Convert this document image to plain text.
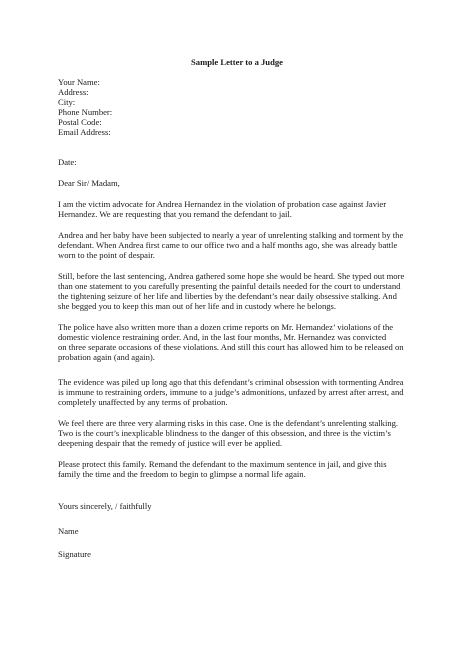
Sample Letter to a Judge
Your Name:
Address:
City:
Phone Number:
Postal Code:
Email Address:
Date:
Dear Sir/ Madam,
I am the victim advocate for Andrea Hernandez in the violation of probation case against Javier
Hernandez. We are requesting that you remand the defendant to jail.
Andrea and her baby have been subjected to nearly a year of unrelenting stalking and torment by the
defendant. When Andrea first came to our office two and a half months ago, she was already battle
worn to the point of despair.
Still, before the last sentencing, Andrea gathered some hope she would be heard. She typed out more
than one statement to you carefully presenting the painful details needed for the court to understand
the tightening seizure of her life and liberties by the defendant’s near daily obsessive stalking. And
she begged you to keep this man out of her life and in custody where he belongs.
The police have also written more than a dozen crime reports on Mr. Hernandez’ violations of the
domestic violence restraining order. And, in the last four months, Mr. Hernandez was convicted
on three separate occasions of these violations. And still this court has allowed him to be released on
probation again (and again).
The evidence was piled up long ago that this defendant’s criminal obsession with tormenting Andrea
is immune to restraining orders, immune to a judge’s admonitions, unfazed by arrest after arrest, and
completely unaffected by any terms of probation.
We feel there are three very alarming risks in this case. One is the defendant’s unrelenting stalking.
Two is the court’s inexplicable blindness to the danger of this obsession, and three is the victim’s
deepening despair that the remedy of justice will ever be applied.
Please protect this family. Remand the defendant to the maximum sentence in jail, and give this
family the time and the freedom to begin to glimpse a normal life again.
Yours sincerely, / faithfully
Name
Signature
